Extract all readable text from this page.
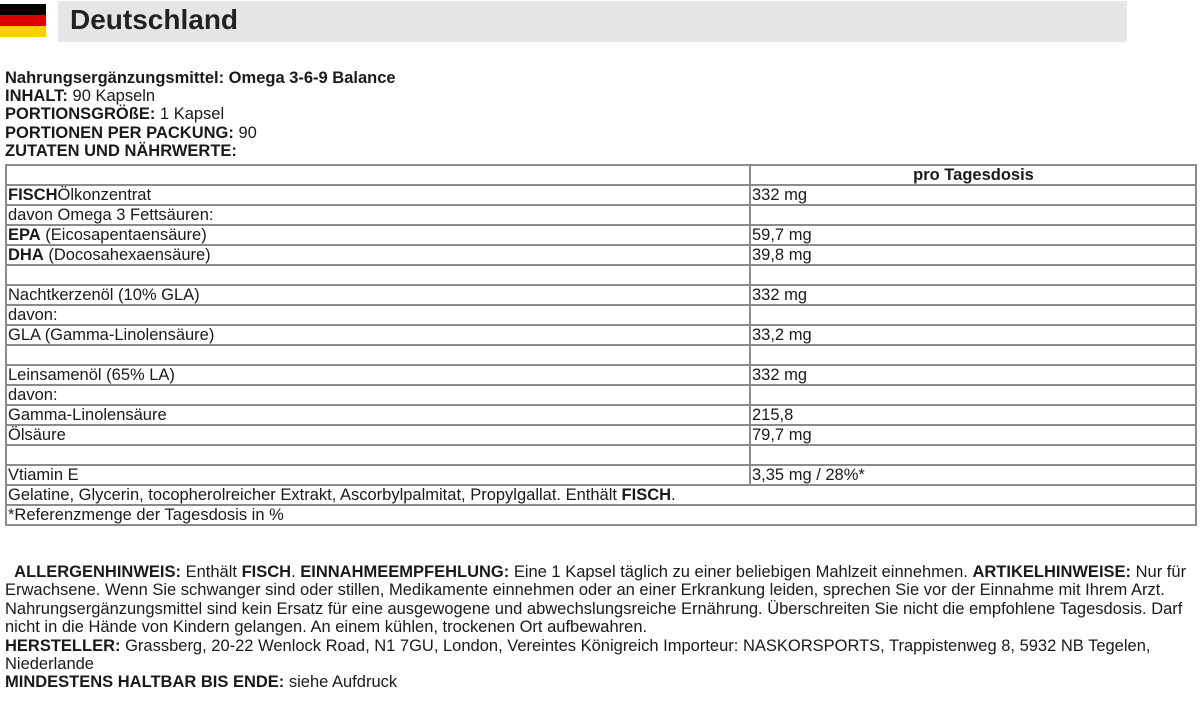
Deutschland
Nahrungsergänzungsmittel: Omega 3-6-9 Balance
INHALT: 90 Kapseln
PORTIONSGRÖßE: 1 Kapsel
PORTIONEN PER PACKUNG: 90
ZUTATEN UND NÄHRWERTE:
	pro Tagesdosis
FISCHÖlkonzentrat	332 mg
davon Omega 3 Fettsäuren:	
EPA (Eicosapentaensäure)	59,7 mg
DHA (Docosahexaensäure)	39,8 mg

Nachtkerzenöl (10% GLA)	332 mg
davon:	
GLA (Gamma-Linolensäure)	33,2 mg

Leinsamenöl (65% LA)	332 mg
davon:	
Gamma-Linolensäure	215,8
Ölsäure	79,7 mg

Vtiamin E	3,35 mg / 28%*
Gelatine, Glycerin, tocopherolreicher Extrakt, Ascorbylpalmitat, Propylgallat. Enthält FISCH.	
*Referenzmenge der Tagesdosis in %	

ALLERGENHINWEIS: Enthält FISCH. EINNAHMEEMPFEHLUNG: Eine 1 Kapsel täglich zu einer beliebigen Mahlzeit einnehmen. ARTIKELHINWEISE: Nur für Erwachsene. Wenn Sie schwanger sind oder stillen, Medikamente einnehmen oder an einer Erkrankung leiden, sprechen Sie vor der Einnahme mit Ihrem Arzt. Nahrungsergänzungsmittel sind kein Ersatz für eine ausgewogene und abwechslungsreiche Ernährung. Überschreiten Sie nicht die empfohlene Tagesdosis. Darf nicht in die Hände von Kindern gelangen. An einem kühlen, trockenen Ort aufbewahren.

HERSTELLER: Grassberg, 20-22 Wenlock Road, N1 7GU, London, Vereintes Königreich Importeur: NASKORSPORTS, Trappistenweg 8, 5932 NB Tegelen, Niederlande

MINDESTENS HALTBAR BIS ENDE: siehe Aufdruck
